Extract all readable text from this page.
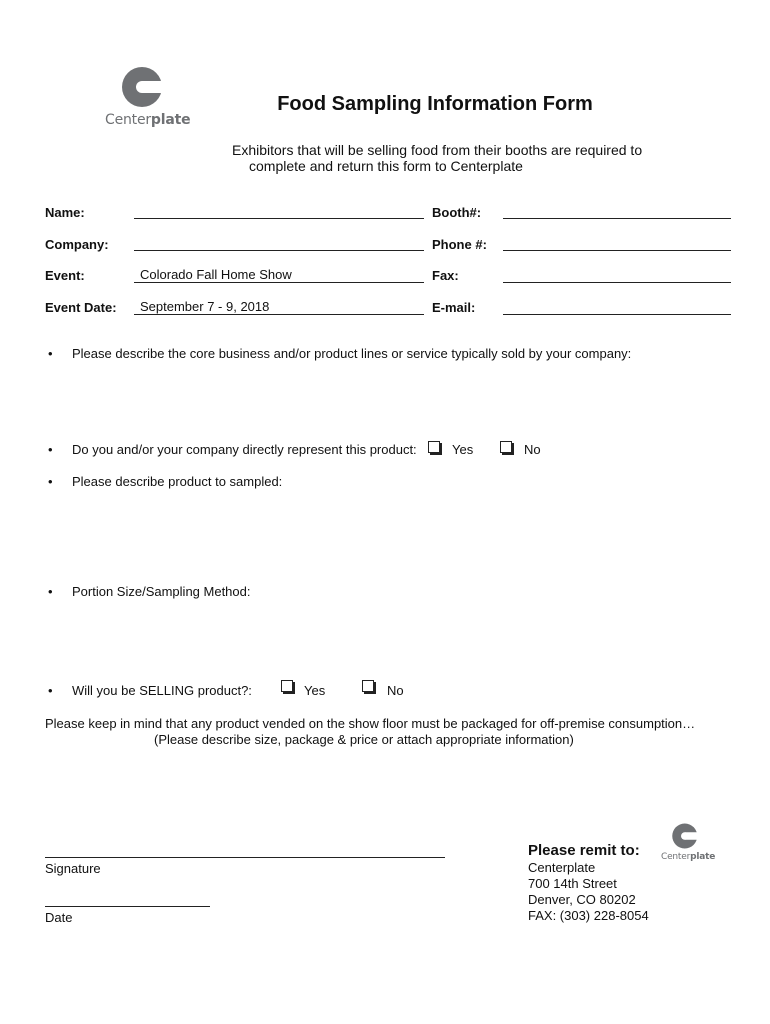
Centerplate
Food Sampling Information Form
Exhibitors that will be selling food from their booths are required to
complete and return this form to Centerplate
Name:	Booth#:
Company:	Phone #:
Event:	Colorado Fall Home Show	Fax:
Event Date:	September 7 - 9, 2018	E-mail:
• Please describe the core business and/or product lines or service typically sold by your company:
• Do you and/or your company directly represent this product:	Yes	No
• Please describe product to sampled:
• Portion Size/Sampling Method:
• Will you be SELLING product?:	Yes	No
Please keep in mind that any product vended on the show floor must be packaged for off-premise consumption…
(Please describe size, package & price or attach appropriate information)
Signature
Date
Please remit to:
Centerplate
700 14th Street
Denver, CO 80202
FAX: (303) 228-8054
Centerplate
